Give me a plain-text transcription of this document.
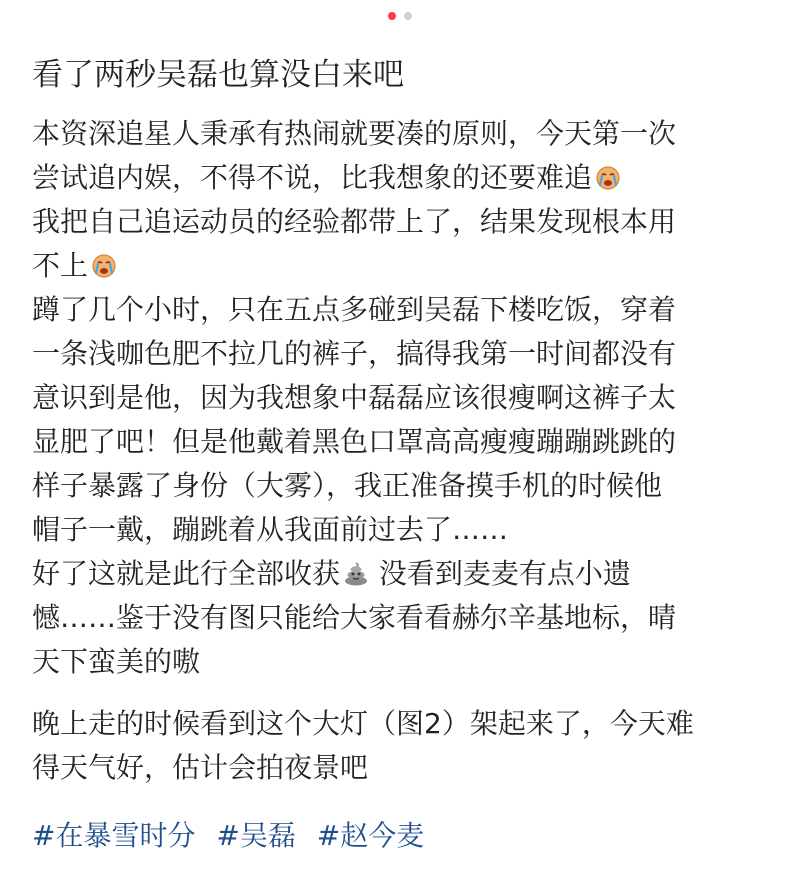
看了两秒吴磊也算没白来吧
本资深追星人秉承有热闹就要凑的原则，今天第一次
尝试追内娱，不得不说，比我想象的还要难追
我把自己追运动员的经验都带上了，结果发现根本用
不上
蹲了几个小时，只在五点多碰到吴磊下楼吃饭，穿着
一条浅咖色肥不拉几的裤子，搞得我第一时间都没有
意识到是他，因为我想象中磊磊应该很瘦啊这裤子太
显肥了吧！但是他戴着黑色口罩高高瘦瘦蹦蹦跳跳的
样子暴露了身份（大雾），我正准备摸手机的时候他
帽子一戴，蹦跳着从我面前过去了……
好了这就是此行全部收获 没看到麦麦有点小遗
憾……鉴于没有图只能给大家看看赫尔辛基地标，晴
天下蛮美的嗷
晚上走的时候看到这个大灯（图2）架起来了，今天难
得天气好，估计会拍夜景吧
#在暴雪时分 #吴磊 #赵今麦
